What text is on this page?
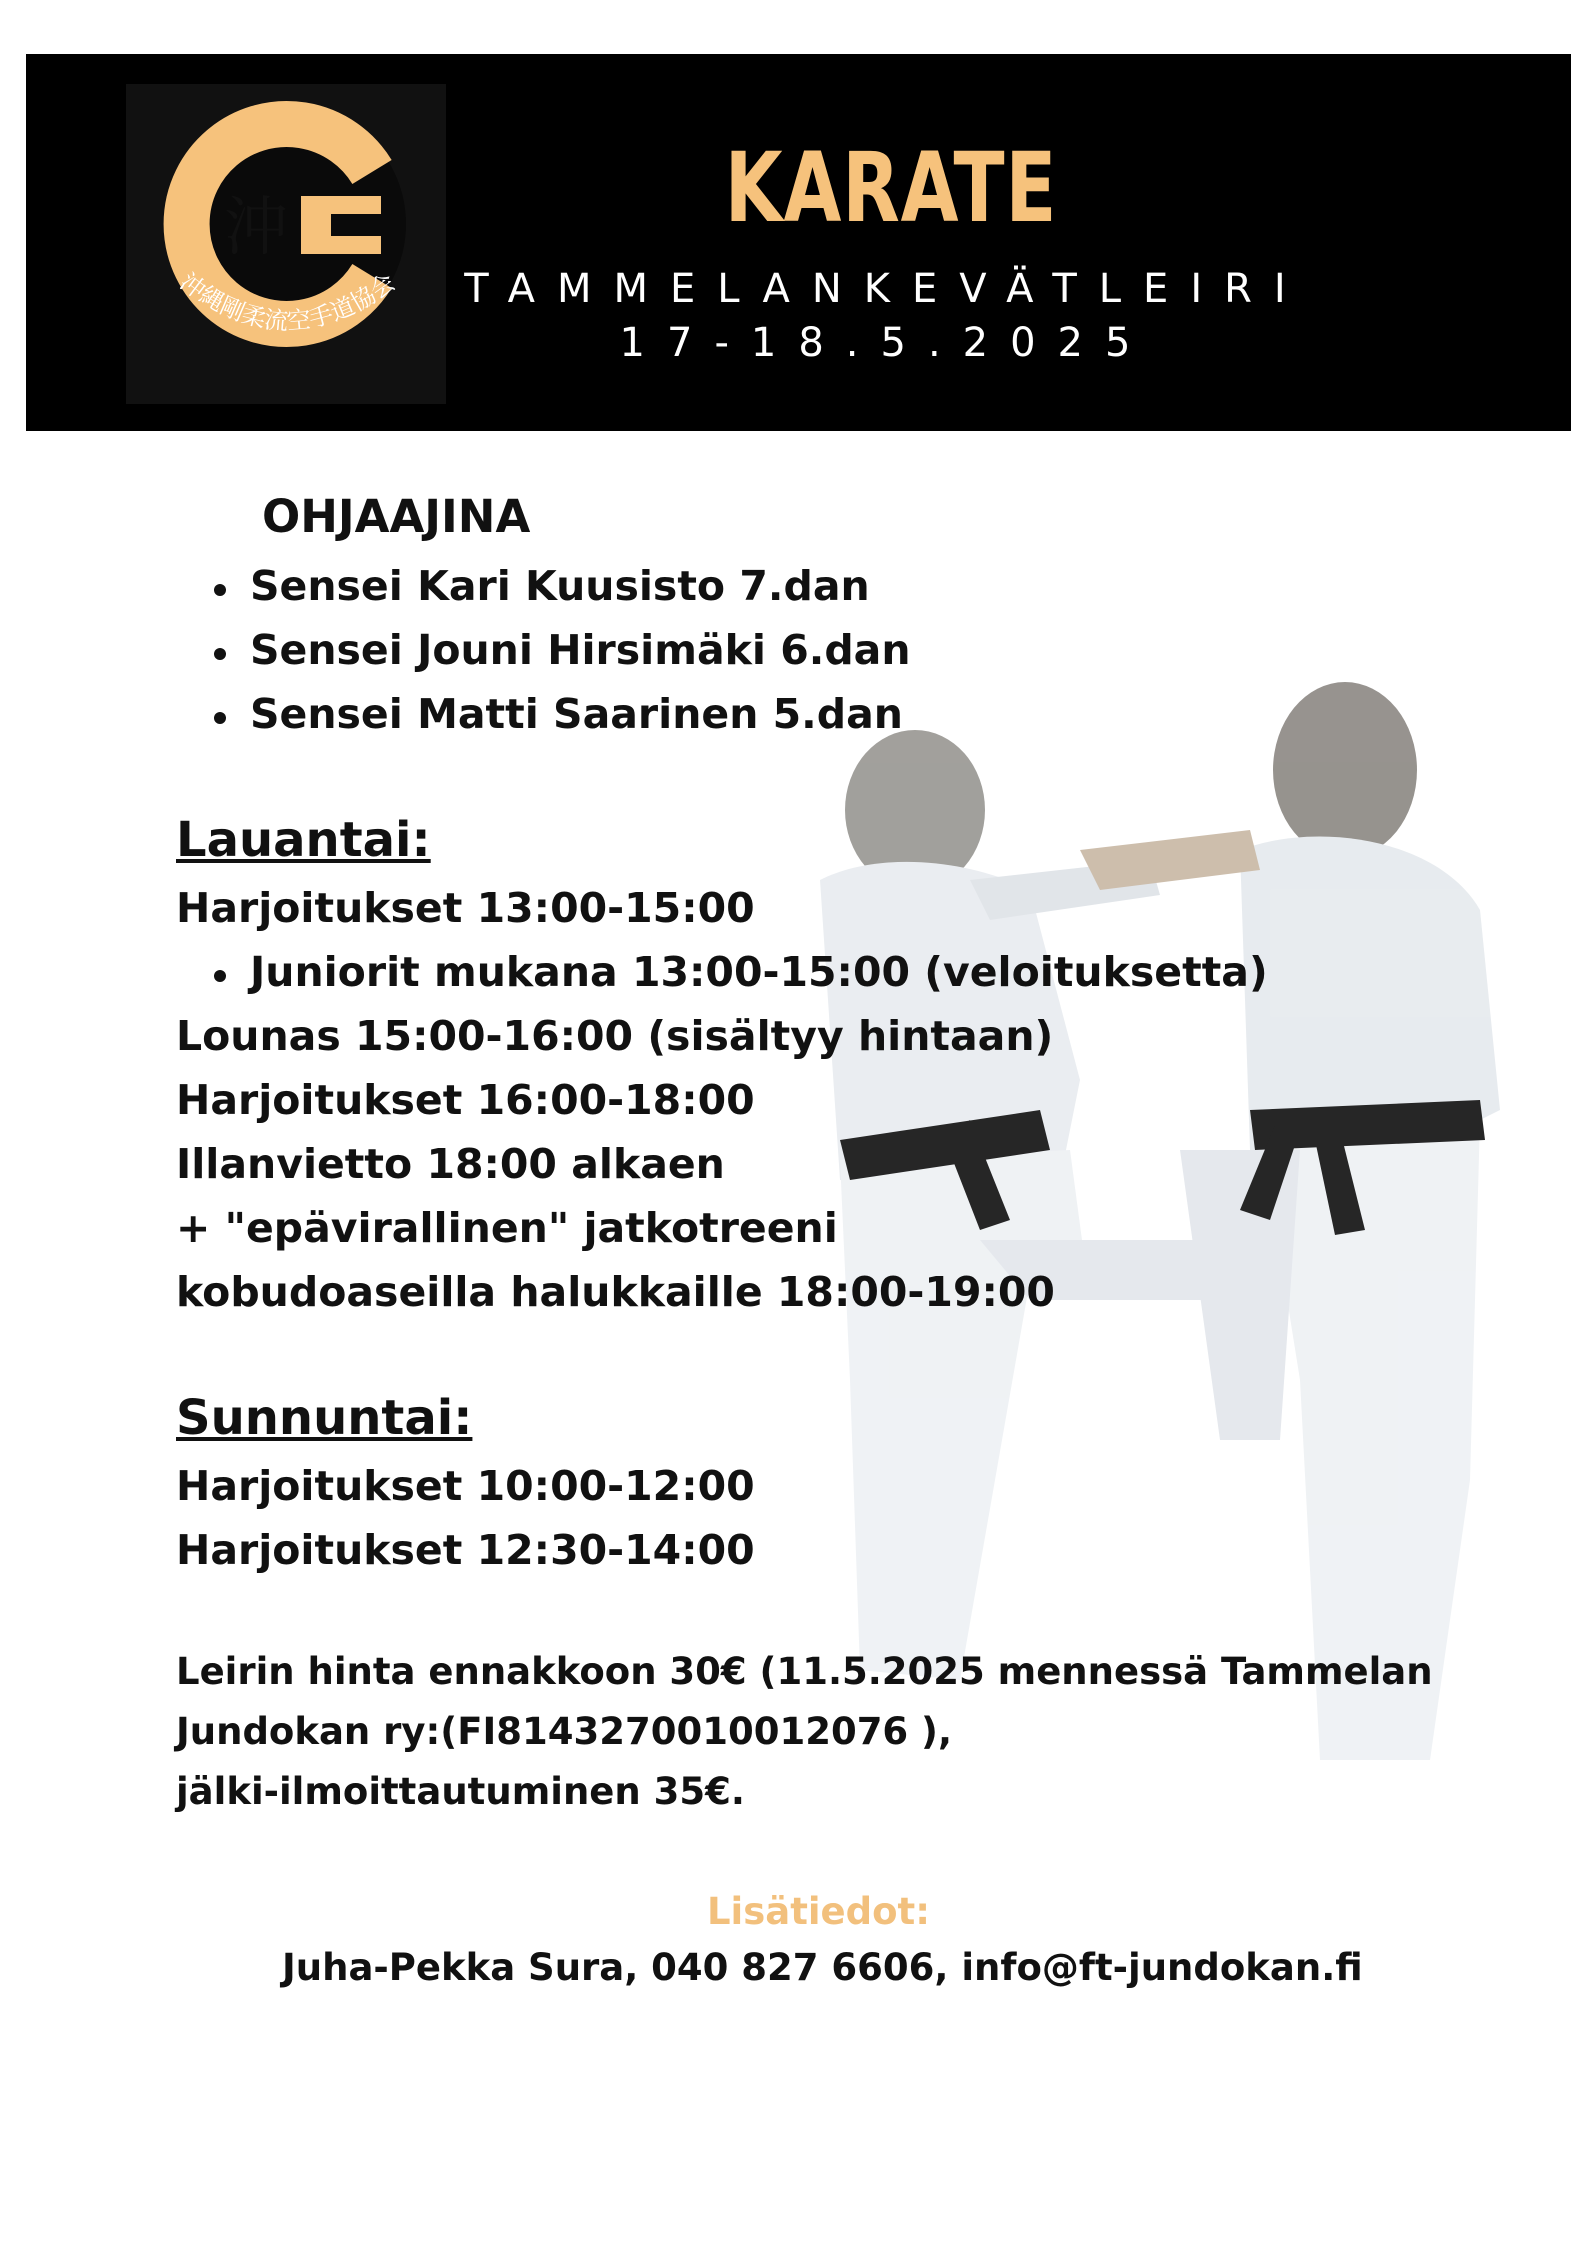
沖
沖縄剛柔流空手道協会
KARATE
TAMMELANKEVÄTLEIRI
17-18.5.2025
OHJAAJINA
Sensei Kari Kuusisto 7.dan
Sensei Jouni Hirsimäki 6.dan
Sensei Matti Saarinen 5.dan
Lauantai:
Harjoitukset 13:00-15:00
Juniorit mukana 13:00-15:00 (veloituksetta)
Lounas 15:00-16:00 (sisältyy hintaan)
Harjoitukset 16:00-18:00
Illanvietto 18:00 alkaen
+ "epävirallinen" jatkotreeni
kobudoaseilla halukkaille 18:00-19:00
Sunnuntai:
Harjoitukset 10:00-12:00
Harjoitukset 12:30-14:00
Leirin hinta ennakkoon 30€ (11.5.2025 mennessä Tammelan
Jundokan ry:(FI8143270010012076 ),
jälki-ilmoittautuminen 35€.
Lisätiedot:
Juha-Pekka Sura, 040 827 6606, info@ft-jundokan.fi
